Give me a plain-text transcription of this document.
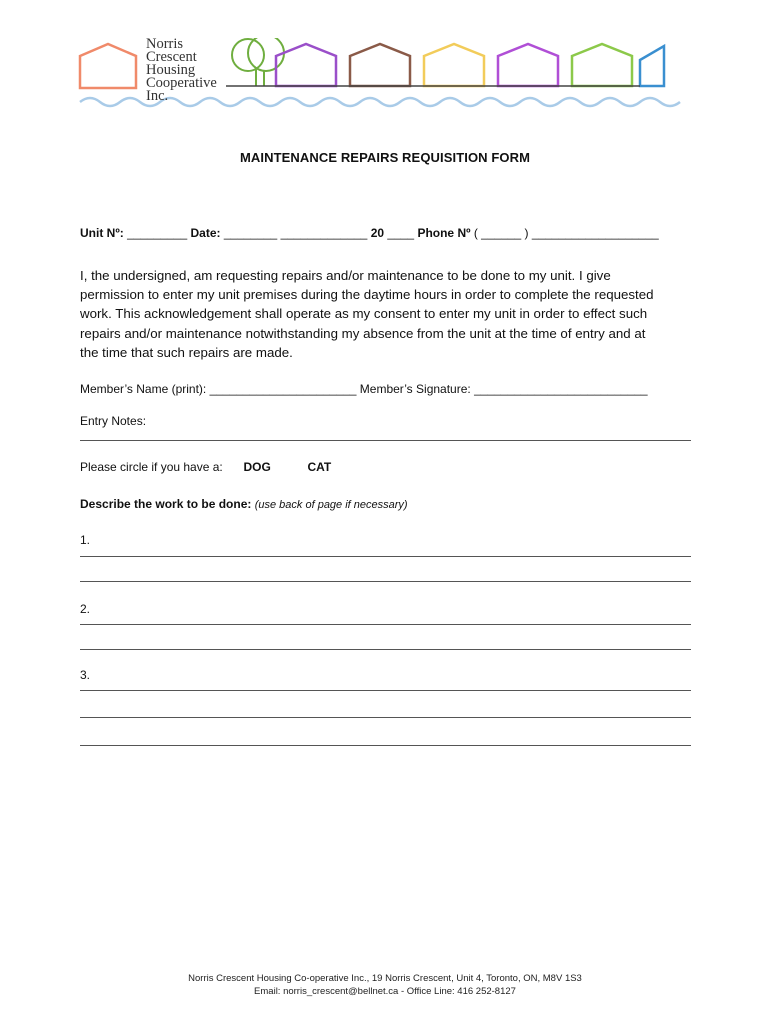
Norris
Crescent
Housing
Cooperative
Inc.
MAINTENANCE REPAIRS REQUISITION FORM
Unit Nº: _________ Date: ________ _____________ 20 ____ Phone Nº ( ______ ) ___________________
I, the undersigned, am requesting repairs and/or maintenance to be done to my unit. I give
permission to enter my unit premises during the daytime hours in order to complete the requested
work. This acknowledgement shall operate as my consent to enter my unit in order to effect such
repairs and/or maintenance notwithstanding my absence from the unit at the time of entry and at
the time that such repairs are made.
Member’s Name (print): ______________________ Member’s Signature: __________________________
Entry Notes:
Please circle if you have a: DOG	CAT
Describe the work to be done: (use back of page if necessary)
1.
2.
3.
Norris Crescent Housing Co-operative Inc., 19 Norris Crescent, Unit 4, Toronto, ON, M8V 1S3
Email: norris_crescent@bellnet.ca - Office Line: 416 252-8127
